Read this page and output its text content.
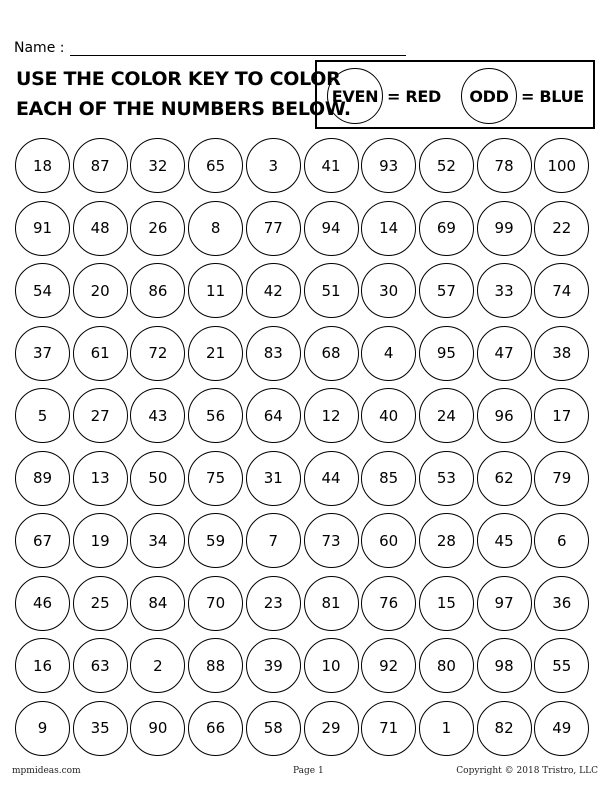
Name :
USE THE COLOR KEY TO COLOR
EACH OF THE NUMBERS BELOW.
EVEN = RED ODD = BLUE
18	87	32	65	3	41	93	52	78	100
91	48	26	8	77	94	14	69	99	22
54	20	86	11	42	51	30	57	33	74
37	61	72	21	83	68	4	95	47	38
5	27	43	56	64	12	40	24	96	17
89	13	50	75	31	44	85	53	62	79
67	19	34	59	7	73	60	28	45	6
46	25	84	70	23	81	76	15	97	36
16	63	2	88	39	10	92	80	98	55
9	35	90	66	58	29	71	1	82	49
mpmideas.com	Page 1	Copyright © 2018 Tristro, LLC
